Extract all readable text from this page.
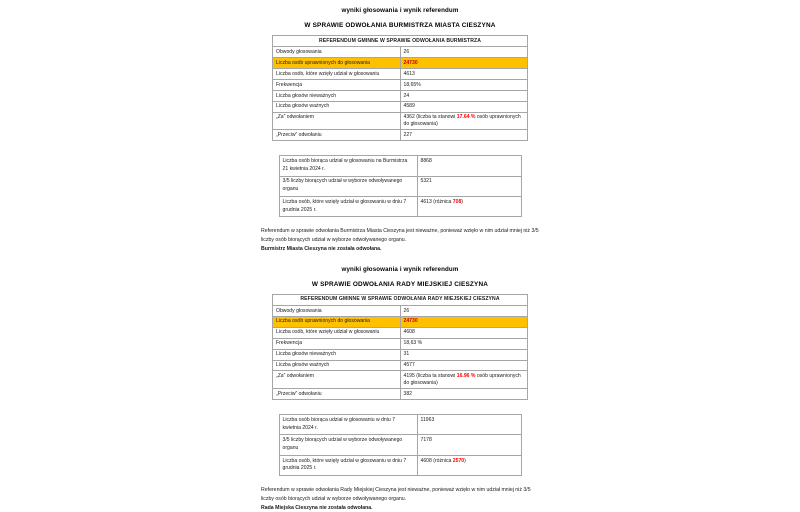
wyniki głosowania i wynik referendum
W SPRAWIE ODWOŁANIA BURMISTRZA MIASTA CIESZYNA
REFERENDUM GMINNE W SPRAWIE ODWOŁANIA BURMISTRZA	
Obwody głosowania	26
Liczba osób uprawnionych do głosowania	24730
Liczba osób, które wzięły udział w głosowaniu	4613
Frekwencja	18,65%
Liczba głosów nieważnych	24
Liczba głosów ważnych	4589
„Za” odwołaniem	4362 (liczba ta stanowi 17.64 % osób uprawnionych do głosowania)
„Przeciw” odwołaniu	227
Liczba osób biorąca udział w głosowaniu na Burmistrza 21 kwietnia 2024 r.	8868
3/5 liczby biorących udział w wyborze odwoływanego organu	5321
Liczba osób, które wzięły udział w głosowaniu w dniu 7 grudnia 2025 r.	4613 (różnica 708)
Referendum w sprawie odwołania Burmistrza Miasta Cieszyna jest nieważne, ponieważ wzięło w nim udział mniej niż 3/5 liczby osób biorących udział w wyborze odwoływanego organu.
Burmistrz Miasta Cieszyna nie została odwołana.
wyniki głosowania i wynik referendum
W SPRAWIE ODWOŁANIA RADY MIEJSKIEJ CIESZYNA
REFERENDUM GMINNE W SPRAWIE ODWOŁANIA RADY MIEJSKIEJ CIESZYNA	
Obwody głosowania	26
Liczba osób uprawnionych do głosowania	24730
Liczba osób, które wzięły udział w głosowaniu	4608
Frekwencja	18,63 %
Liczba głosów nieważnych	31
Liczba głosów ważnych	4577
„Za” odwołaniem	4195 (liczba ta stanowi 16.96 % osób uprawnionych do głosowania)
„Przeciw” odwołaniu	382
Liczba osób biorąca udział w głosowaniu w dniu 7 kwietnia 2024 r.	11963
3/5 liczby biorących udział w wyborze odwoływanego organu	7178
Liczba osób, które wzięły udział w głosowaniu w dniu 7 grudnia 2025 r.	4608 (różnica 2570)
Referendum w sprawie odwołania Rady Miejskiej Cieszyna jest nieważne, ponieważ wzięło w nim udział mniej niż 3/5 liczby osób biorących udział w wyborze odwoływanego organu.
Rada Miejska Cieszyna nie została odwołana.
